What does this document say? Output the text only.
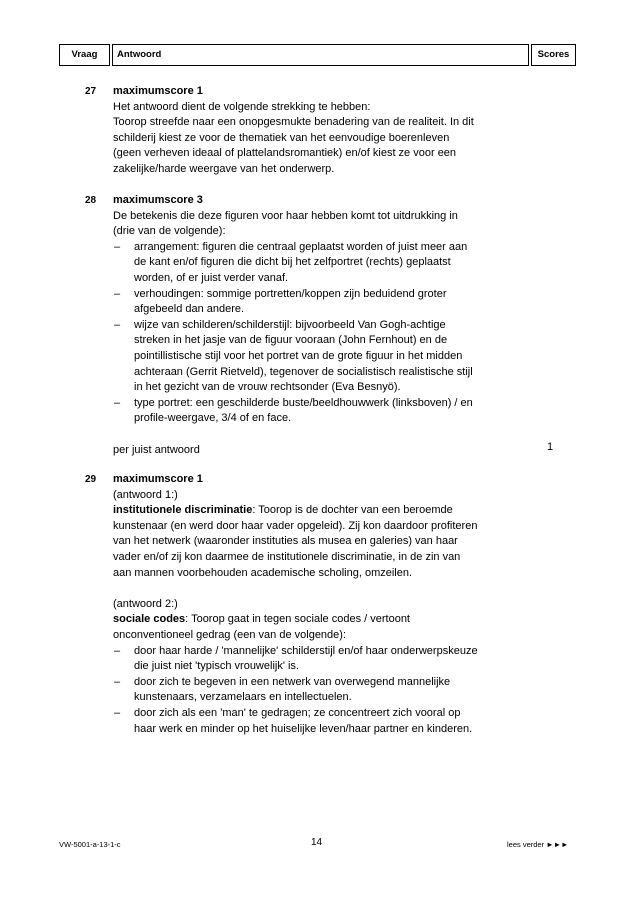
Vraag	Antwoord	Scores
27 maximumscore 1
Het antwoord dient de volgende strekking te hebben:
Toorop streefde naar een onopgesmukte benadering van de realiteit. In dit
schilderij kiest ze voor de thematiek van het eenvoudige boerenleven
(geen verheven ideaal of plattelandsromantiek) en/of kiest ze voor een
zakelijke/harde weergave van het onderwerp.
28 maximumscore 3
De betekenis die deze figuren voor haar hebben komt tot uitdrukking in
(drie van de volgende):
– arrangement: figuren die centraal geplaatst worden of juist meer aan
de kant en/of figuren die dicht bij het zelfportret (rechts) geplaatst
worden, of er juist verder vanaf.
– verhoudingen: sommige portretten/koppen zijn beduidend groter
afgebeeld dan andere.
– wijze van schilderen/schilderstijl: bijvoorbeeld Van Gogh-achtige
streken in het jasje van de figuur vooraan (John Fernhout) en de
pointillistische stijl voor het portret van de grote figuur in het midden
achteraan (Gerrit Rietveld), tegenover de socialistisch realistische stijl
in het gezicht van de vrouw rechtsonder (Eva Besnyö).
– type portret: een geschilderde buste/beeldhouwwerk (linksboven) / en
profile-weergave, 3/4 of en face.
per juist antwoord	1
29 maximumscore 1
(antwoord 1:)
institutionele discriminatie: Toorop is de dochter van een beroemde
kunstenaar (en werd door haar vader opgeleid). Zij kon daardoor profiteren
van het netwerk (waaronder instituties als musea en galeries) van haar
vader en/of zij kon daarmee de institutionele discriminatie, in de zin van
aan mannen voorbehouden academische scholing, omzeilen.
(antwoord 2:)
sociale codes: Toorop gaat in tegen sociale codes / vertoont
onconventioneel gedrag (een van de volgende):
– door haar harde / 'mannelijke' schilderstijl en/of haar onderwerpskeuze
die juist niet 'typisch vrouwelijk' is.
– door zich te begeven in een netwerk van overwegend mannelijke
kunstenaars, verzamelaars en intellectuelen.
– door zich als een 'man' te gedragen; ze concentreert zich vooral op
haar werk en minder op het huiselijke leven/haar partner en kinderen.
VW-5001-a-13-1-c	14	lees verder ►►►
